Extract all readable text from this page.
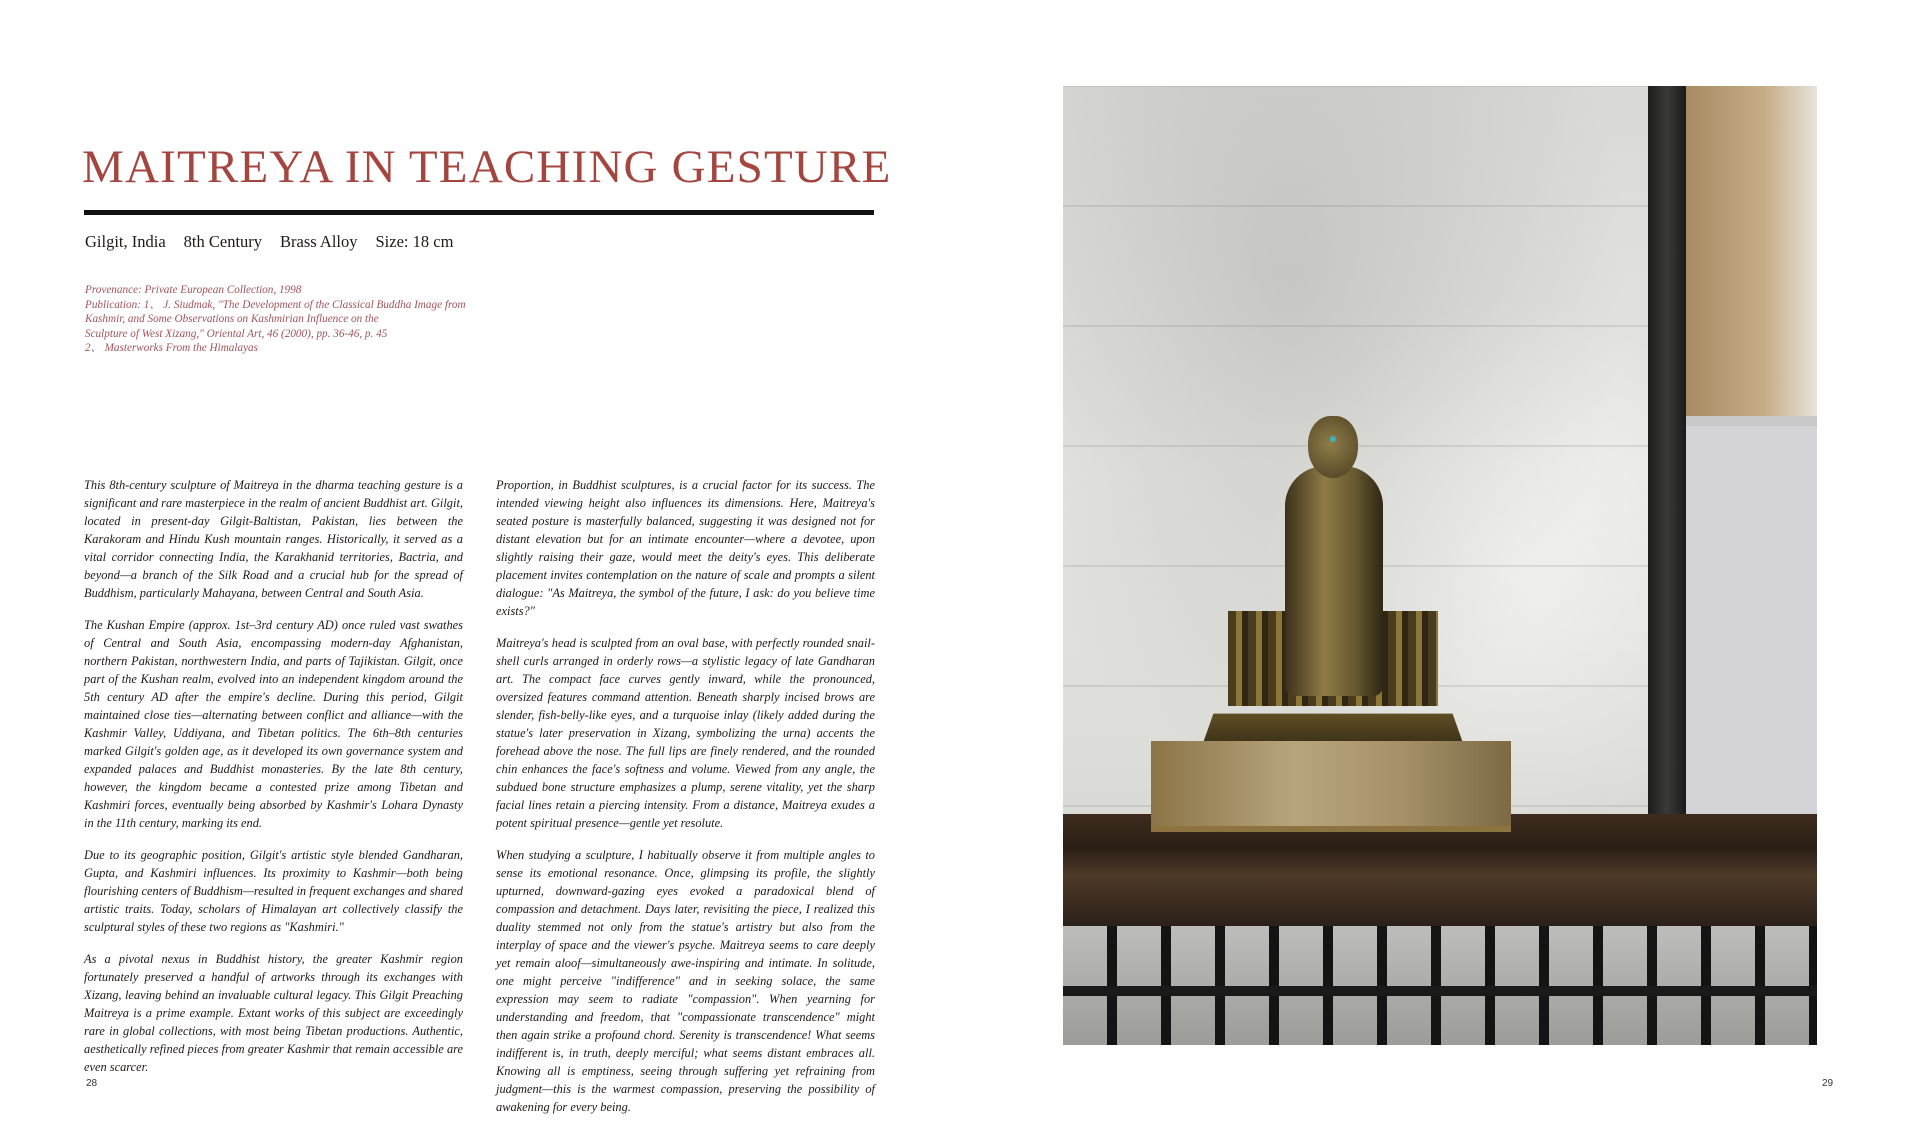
MAITREYA IN TEACHING GESTURE
Gilgit, India 8th Century Brass Alloy Size: 18 cm
Provenance: Private European Collection, 1998
Publication: 1、 J. Siudmak, "The Development of the Classical Buddha Image from
Kashmir, and Some Observations on Kashmirian Influence on the
Sculpture of West Xizang," Oriental Art, 46 (2000), pp. 36-46, p. 45
2、 Masterworks From the Himalayas

This 8th-century sculpture of Maitreya in the dharma teaching gesture is a significant and rare masterpiece in the realm of ancient Buddhist art. Gilgit, located in present-day Gilgit-Baltistan, Pakistan, lies between the Karakoram and Hindu Kush mountain ranges. Historically, it served as a vital corridor connecting India, the Karakhanid territories, Bactria, and beyond—a branch of the Silk Road and a crucial hub for the spread of Buddhism, particularly Mahayana, between Central and South Asia.

The Kushan Empire (approx. 1st–3rd century AD) once ruled vast swathes of Central and South Asia, encompassing modern-day Afghanistan, northern Pakistan, northwestern India, and parts of Tajikistan. Gilgit, once part of the Kushan realm, evolved into an independent kingdom around the 5th century AD after the empire's decline. During this period, Gilgit maintained close ties—alternating between conflict and alliance—with the Kashmir Valley, Uddiyana, and Tibetan politics. The 6th–8th centuries marked Gilgit's golden age, as it developed its own governance system and expanded palaces and Buddhist monasteries. By the late 8th century, however, the kingdom became a contested prize among Tibetan and Kashmiri forces, eventually being absorbed by Kashmir's Lohara Dynasty in the 11th century, marking its end.

Due to its geographic position, Gilgit's artistic style blended Gandharan, Gupta, and Kashmiri influences. Its proximity to Kashmir—both being flourishing centers of Buddhism—resulted in frequent exchanges and shared artistic traits. Today, scholars of Himalayan art collectively classify the sculptural styles of these two regions as "Kashmiri."

As a pivotal nexus in Buddhist history, the greater Kashmir region fortunately preserved a handful of artworks through its exchanges with Xizang, leaving behind an invaluable cultural legacy. This Gilgit Preaching Maitreya is a prime example. Extant works of this subject are exceedingly rare in global collections, with most being Tibetan productions. Authentic, aesthetically refined pieces from greater Kashmir that remain accessible are even scarcer.

Proportion, in Buddhist sculptures, is a crucial factor for its success. The intended viewing height also influences its dimensions. Here, Maitreya's seated posture is masterfully balanced, suggesting it was designed not for distant elevation but for an intimate encounter—where a devotee, upon slightly raising their gaze, would meet the deity's eyes. This deliberate placement invites contemplation on the nature of scale and prompts a silent dialogue: "As Maitreya, the symbol of the future, I ask: do you believe time exists?"

Maitreya's head is sculpted from an oval base, with perfectly rounded snail-shell curls arranged in orderly rows—a stylistic legacy of late Gandharan art. The compact face curves gently inward, while the pronounced, oversized features command attention. Beneath sharply incised brows are slender, fish-belly-like eyes, and a turquoise inlay (likely added during the statue's later preservation in Xizang, symbolizing the urna) accents the forehead above the nose. The full lips are finely rendered, and the rounded chin enhances the face's softness and volume. Viewed from any angle, the subdued bone structure emphasizes a plump, serene vitality, yet the sharp facial lines retain a piercing intensity. From a distance, Maitreya exudes a potent spiritual presence—gentle yet resolute.

When studying a sculpture, I habitually observe it from multiple angles to sense its emotional resonance. Once, glimpsing its profile, the slightly upturned, downward-gazing eyes evoked a paradoxical blend of compassion and detachment. Days later, revisiting the piece, I realized this duality stemmed not only from the statue's artistry but also from the interplay of space and the viewer's psyche. Maitreya seems to care deeply yet remain aloof—simultaneously awe-inspiring and intimate. In solitude, one might perceive "indifference" and in seeking solace, the same expression may seem to radiate "compassion". When yearning for understanding and freedom, that "compassionate transcendence" might then again strike a profound chord. Serenity is transcendence! What seems indifferent is, in truth, deeply merciful; what seems distant embraces all. Knowing all is emptiness, seeing through suffering yet refraining from judgment—this is the warmest compassion, preserving the possibility of awakening for every being.

28	29
